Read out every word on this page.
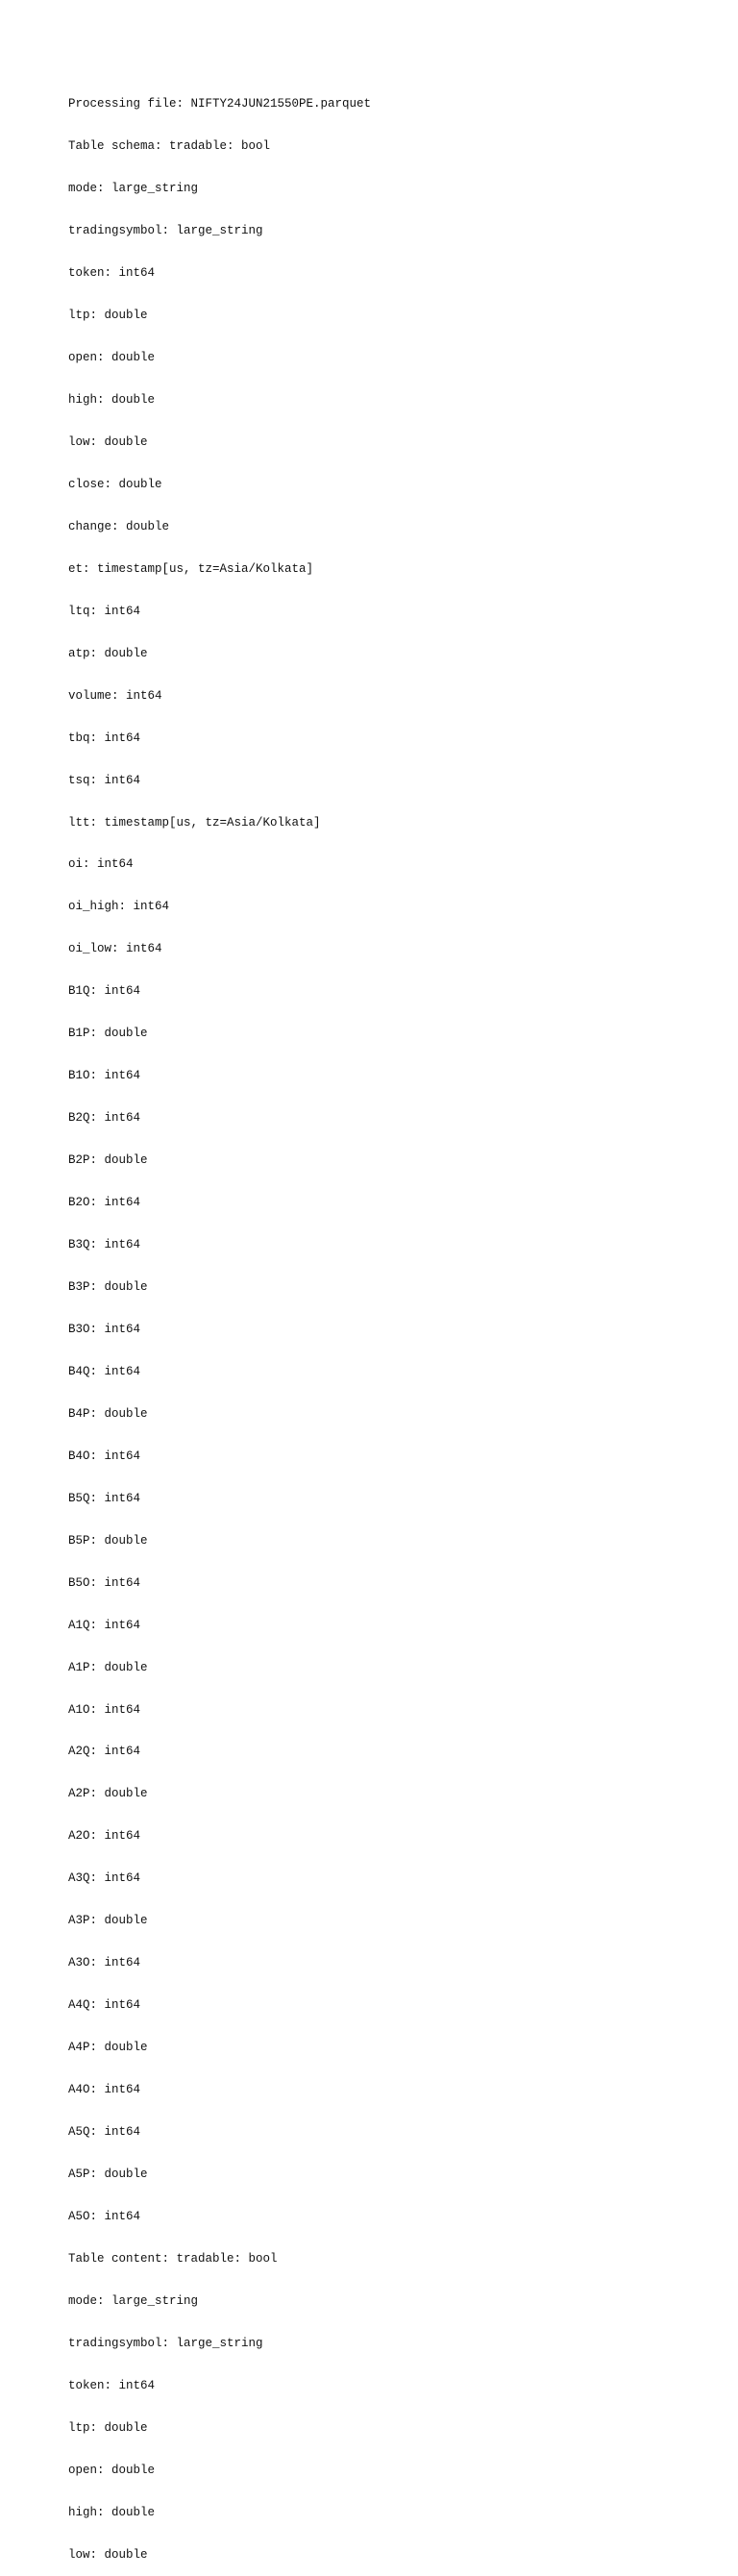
Processing file: NIFTY24JUN21550PE.parquet

Table schema: tradable: bool

mode: large_string

tradingsymbol: large_string

token: int64

ltp: double

open: double

high: double

low: double

close: double

change: double

et: timestamp[us, tz=Asia/Kolkata]

ltq: int64

atp: double

volume: int64

tbq: int64

tsq: int64

ltt: timestamp[us, tz=Asia/Kolkata]

oi: int64

oi_high: int64

oi_low: int64

B1Q: int64

B1P: double

B1O: int64

B2Q: int64

B2P: double

B2O: int64

B3Q: int64

B3P: double

B3O: int64

B4Q: int64

B4P: double

B4O: int64

B5Q: int64

B5P: double

B5O: int64

A1Q: int64

A1P: double

A1O: int64

A2Q: int64

A2P: double

A2O: int64

A3Q: int64

A3P: double

A3O: int64

A4Q: int64

A4P: double

A4O: int64

A5Q: int64

A5P: double

A5O: int64

Table content: tradable: bool

mode: large_string

tradingsymbol: large_string

token: int64

ltp: double

open: double

high: double

low: double
